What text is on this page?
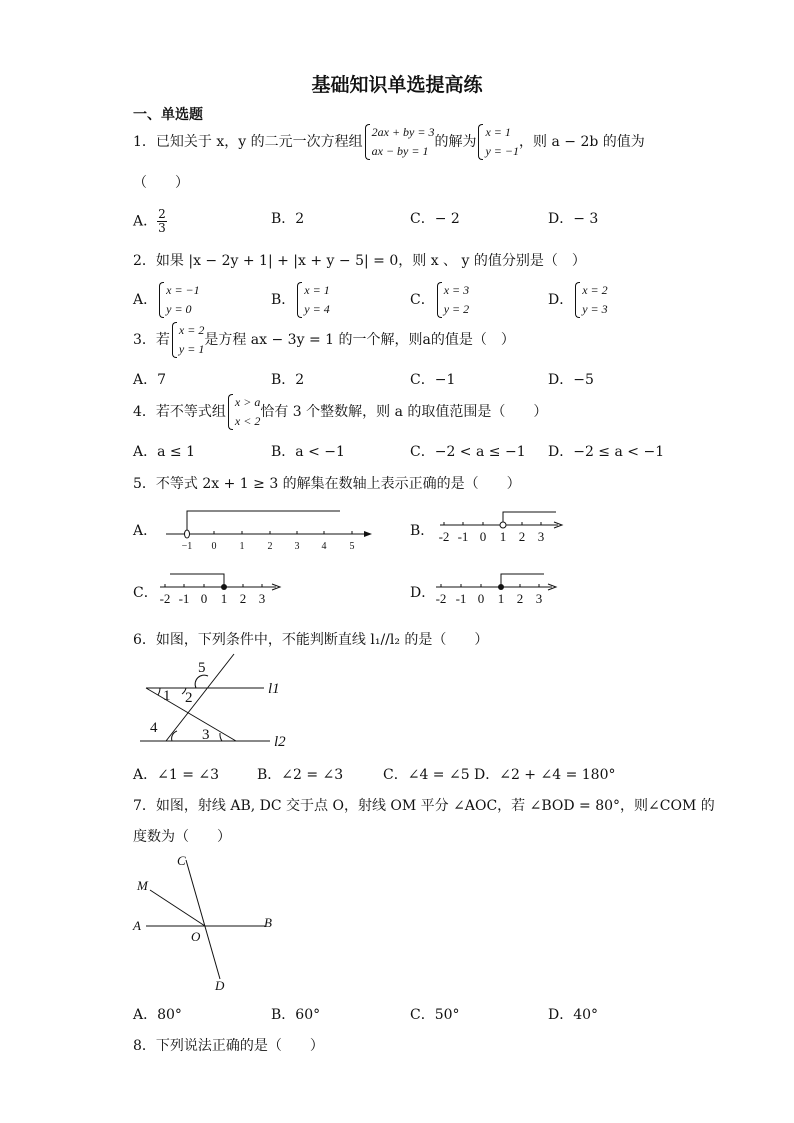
基础知识单选提高练
一、单选题
1．已知关于 x，y 的二元一次方程组
2ax + by = 3
ax − by = 1
的解为
x = 1
y = −1
，则 a − 2b 的值为
（　　）
A． $\frac{2}{3}$	B．2	C．− 2	D．− 3
2．如果 |x − 2y + 1| + |x + y − 5| = 0，则 x 、 y 的值分别是（　）
A．
x = −1
y = 0
B．
x = 1
y = 4
C．
x = 3
y = 2
D．
x = 2
y = 3
3．若
x = 2
y = 1
是方程 ax − 3y = 1 的一个解，则a的值是（　）
A．7	B．2	C．−1	D．−5
4．若不等式组
x > a
x < 2
恰有 3 个整数解，则 a 的取值范围是（　　）
A．a ≤ 1	B．a < −1	C．−2 < a ≤ −1 D．−2 ≤ a < −1
5．不等式 2x + 1 ≥ 3 的解集在数轴上表示正确的是（　　）
A．	B．
C．	D．
−1 0 1 2 3 4 5
-2 -1 0 1 2 3
-2 -1 0 1 2 3	-2 -1 0 1 2 3
6．如图，下列条件中，不能判断直线 l₁//l₂ 的是（　　）
5
1 2
4	3
l1
l2
A．∠1 = ∠3	B．∠2 = ∠3	C．∠4 = ∠5 D．∠2 + ∠4 = 180°
7．如图，射线 AB, DC 交于点 O，射线 OM 平分 ∠AOC，若 ∠BOD = 80°，则∠COM 的
度数为（　　）
C
M
A
O
B
D
A．80°	B．60°	C．50°	D．40°
8．下列说法正确的是（　　）
